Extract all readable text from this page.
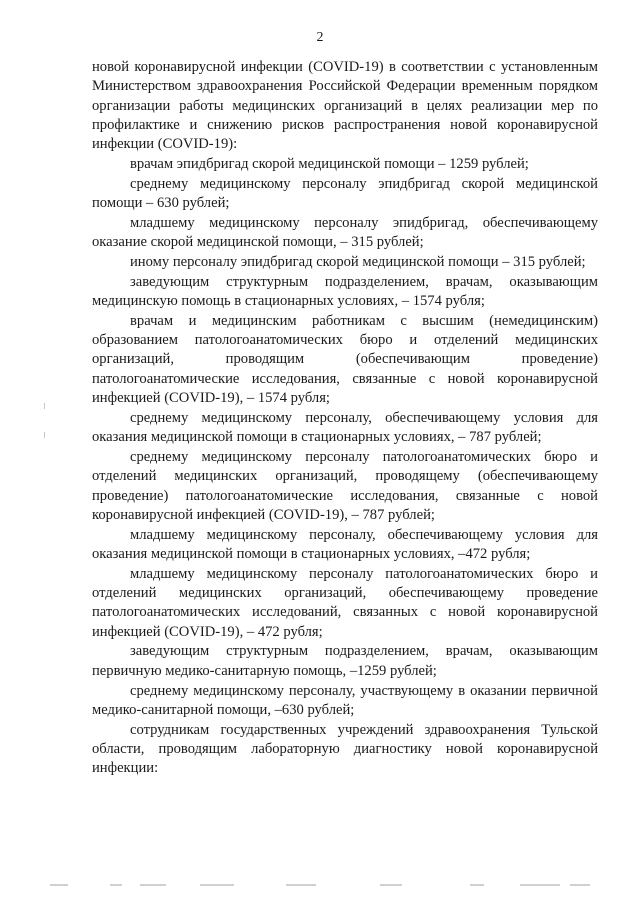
2

новой коронавирусной инфекции (COVID-19) в соответствии с установленным Министерством здравоохранения Российской Федерации временным порядком организации работы медицинских организаций в целях реализации мер по профилактике и снижению рисков распространения новой коронавирусной инфекции (COVID-19):

врачам эпидбригад скорой медицинской помощи – 1259 рублей;

среднему медицинскому персоналу эпидбригад скорой медицинской помощи – 630 рублей;

младшему медицинскому персоналу эпидбригад, обеспечивающему оказание скорой медицинской помощи, – 315 рублей;

иному персоналу эпидбригад скорой медицинской помощи – 315 рублей;

заведующим структурным подразделением, врачам, оказывающим медицинскую помощь в стационарных условиях, – 1574 рубля;

врачам и медицинским работникам с высшим (немедицинским) образованием патологоанатомических бюро и отделений медицинских организаций, проводящим (обеспечивающим проведение) патологоанатомические исследования, связанные с новой коронавирусной инфекцией (COVID-19), – 1574 рубля;

среднему медицинскому персоналу, обеспечивающему условия для оказания медицинской помощи в стационарных условиях, – 787 рублей;

среднему медицинскому персоналу патологоанатомических бюро и отделений медицинских организаций, проводящему (обеспечивающему проведение) патологоанатомические исследования, связанные с новой коронавирусной инфекцией (COVID-19), – 787 рублей;

младшему медицинскому персоналу, обеспечивающему условия для оказания медицинской помощи в стационарных условиях, –472 рубля;

младшему медицинскому персоналу патологоанатомических бюро и отделений медицинских организаций, обеспечивающему проведение патологоанатомических исследований, связанных с новой коронавирусной инфекцией (COVID-19), – 472 рубля;

заведующим структурным подразделением, врачам, оказывающим первичную медико-санитарную помощь, –1259 рублей;

среднему медицинскому персоналу, участвующему в оказании первичной медико-санитарной помощи, –630 рублей;

сотрудникам государственных учреждений здравоохранения Тульской области, проводящим лабораторную диагностику новой коронавирусной инфекции:
